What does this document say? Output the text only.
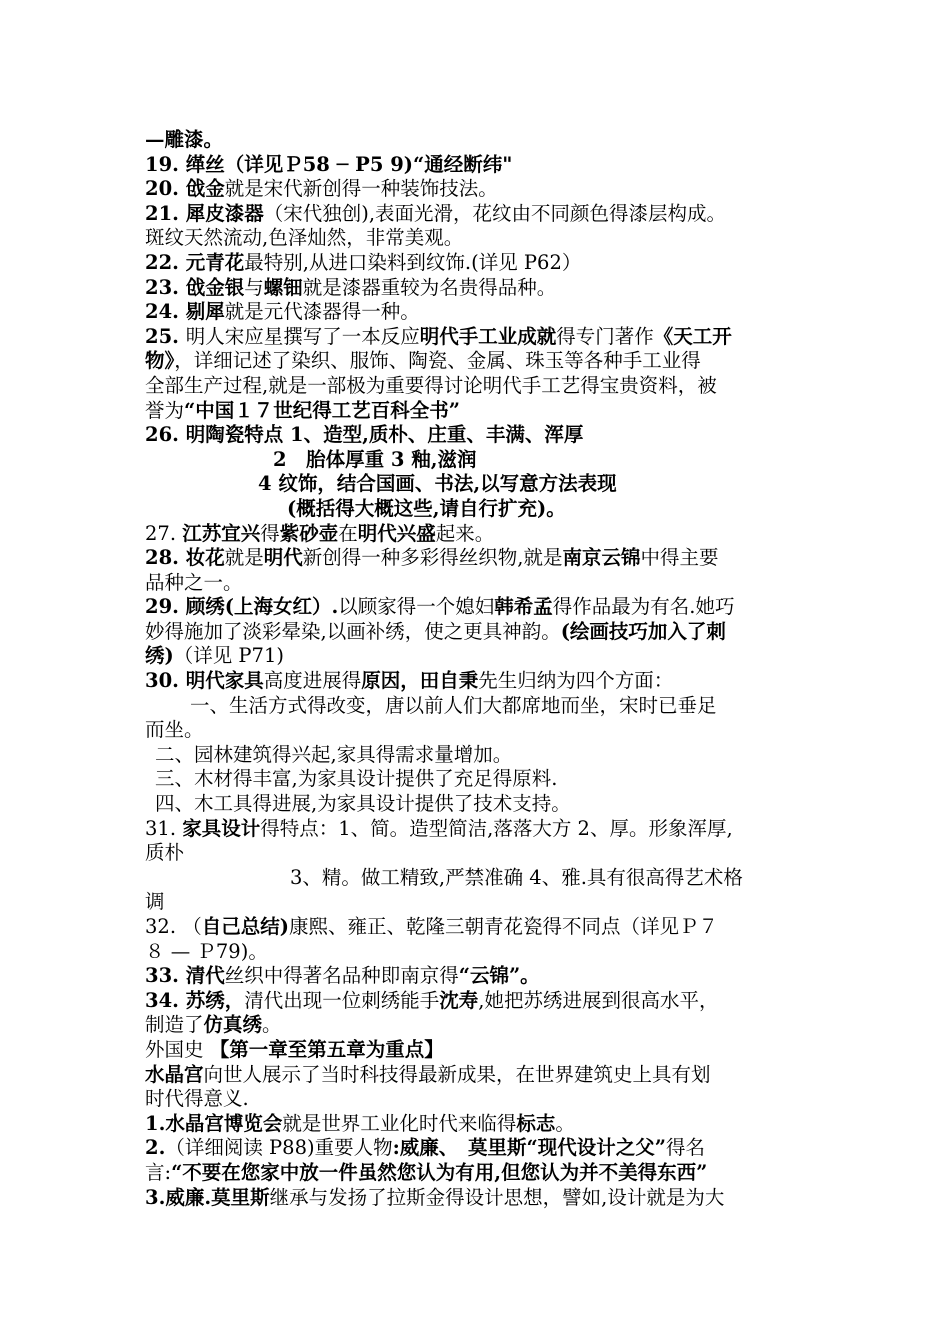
—雕漆。
19. 缂丝（详见Ｐ58 ─ P5 9)“通经断纬"
20. 戗金就是宋代新创得一种装饰技法。
21. 犀皮漆器（宋代独创),表面光滑，花纹由不同颜色得漆层构成。
斑纹天然流动,色泽灿然，非常美观。
22. 元青花最特别,从进口染料到纹饰.(详见 P62）
23. 戗金银与螺钿就是漆器重较为名贵得品种。
24. 剔犀就是元代漆器得一种。
25. 明人宋应星撰写了一本反应明代手工业成就得专门著作《天工开
物》，详细记述了染织、服饰、陶瓷、金属、珠玉等各种手工业得
全部生产过程,就是一部极为重要得讨论明代手工艺得宝贵资料，被
誉为“中国１７世纪得工艺百科全书”
26. 明陶瓷特点 1、造型,质朴、庄重、丰满、浑厚
2　胎体厚重 3 釉,滋润
4 纹饰，结合国画、书法,以写意方法表现
(概括得大概这些,请自行扩充)。
27. 江苏宜兴得紫砂壶在明代兴盛起来。
28. 妆花就是明代新创得一种多彩得丝织物,就是南京云锦中得主要
品种之一。
29. 顾绣(上海女红）.以顾家得一个媳妇韩希孟得作品最为有名.她巧
妙得施加了淡彩晕染,以画补绣，使之更具神韵。(绘画技巧加入了刺
绣)（详见 P71)
30. 明代家具高度进展得原因，田自秉先生归纳为四个方面：
一、生活方式得改变，唐以前人们大都席地而坐，宋时已垂足
而坐。
二、园林建筑得兴起,家具得需求量增加。
三、木材得丰富,为家具设计提供了充足得原料.
四、木工具得进展,为家具设计提供了技术支持。
31. 家具设计得特点：1、简。造型简洁,落落大方 2、厚。形象浑厚,
质朴
3、精。做工精致,严禁准确 4、雅.具有很高得艺术格
调
32. （自己总结)康熙、雍正、乾隆三朝青花瓷得不同点（详见Ｐ７
８ — Ｐ79)。
33. 清代丝织中得著名品种即南京得“云锦”。
34. 苏绣，清代出现一位刺绣能手沈寿,她把苏绣进展到很高水平，
制造了仿真绣。
外国史 【第一章至第五章为重点】
水晶宫向世人展示了当时科技得最新成果，在世界建筑史上具有划
时代得意义.
1.水晶宫博览会就是世界工业化时代来临得标志。
2.（详细阅读 P88)重要人物:威廉、　莫里斯“现代设计之父”得名
言:“不要在您家中放一件虽然您认为有用,但您认为并不美得东西”
3.威廉.莫里斯继承与发扬了拉斯金得设计思想，譬如,设计就是为大
